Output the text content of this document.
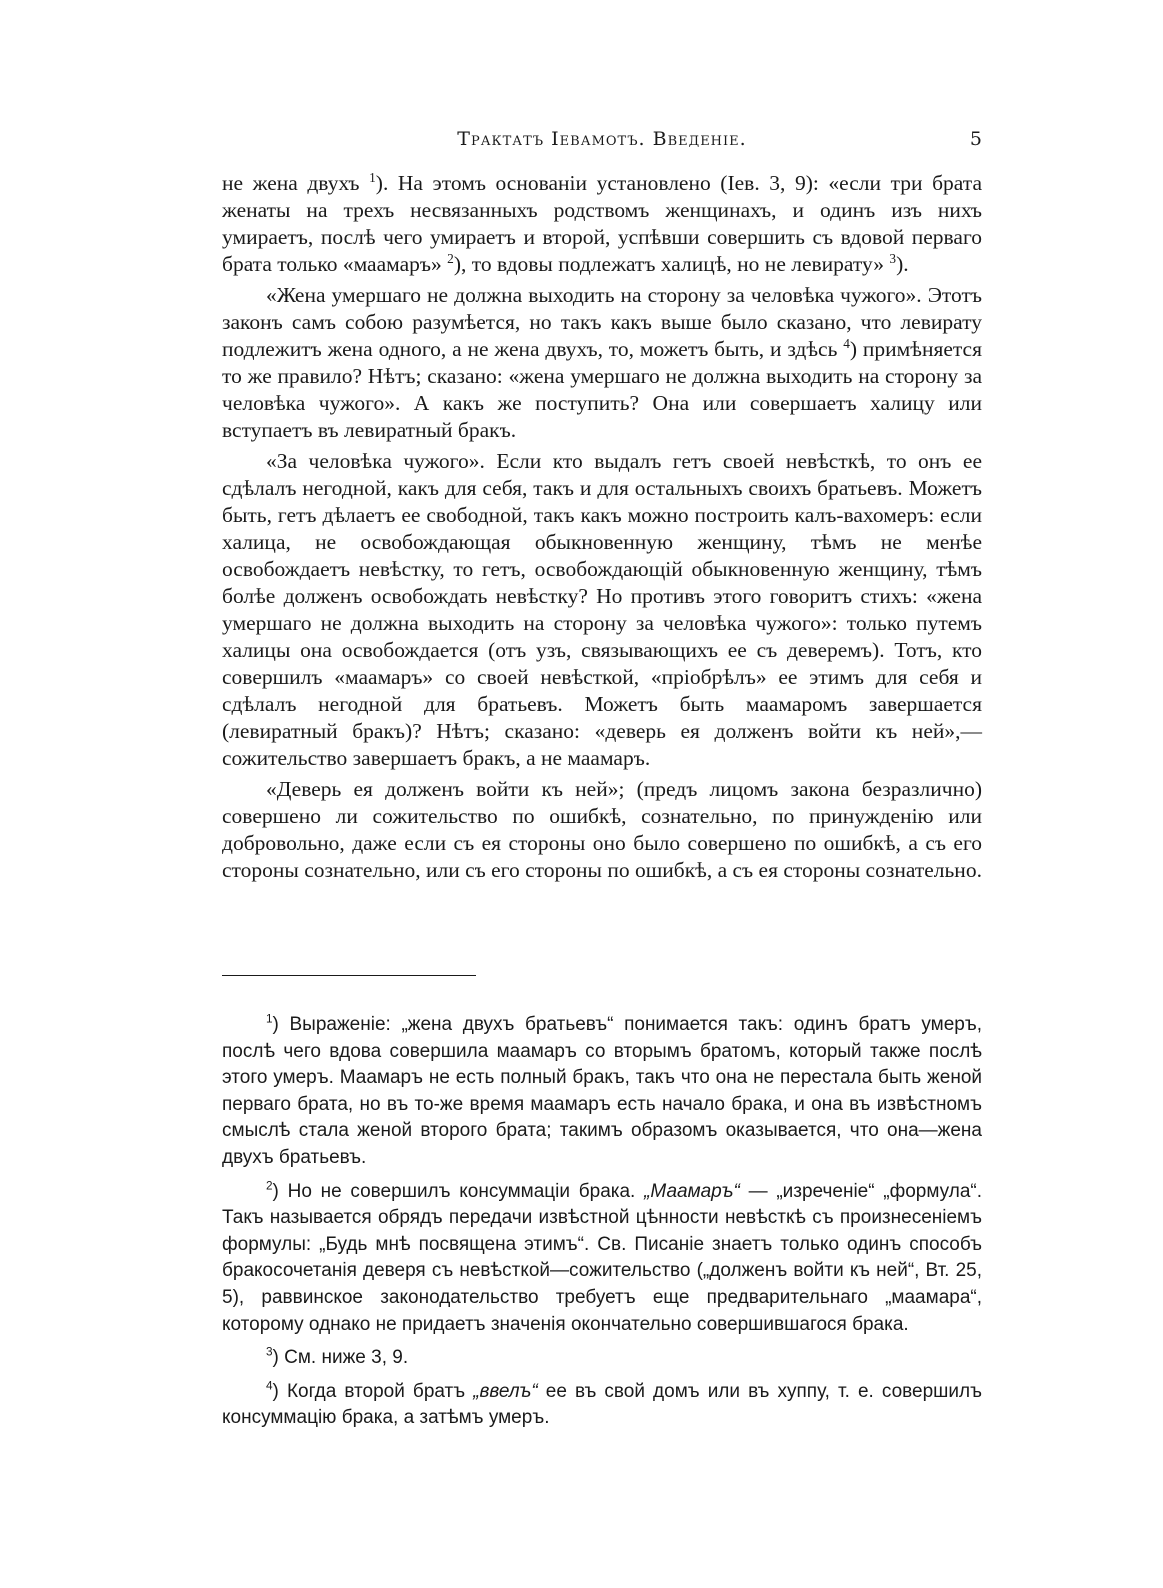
Трактатъ Іевамотъ. Введеніе.	5

не жена двухъ $^1$). На этомъ основаніи установлено (Іев. 3, 9): «если три брата женаты на трехъ несвязанныхъ родствомъ женщинахъ, и одинъ изъ нихъ умираетъ, послѣ чего умираетъ и второй, успѣвши совершить съ вдовой перваго брата только «маамаръ» $^2$), то вдовы подлежатъ халицѣ, но не левирату» $^3$).

«Жена умершаго не должна выходить на сторону за человѣка чужого». Этотъ законъ самъ собою разумѣется, но такъ какъ выше было сказано, что левирату подлежитъ жена одного, а не жена двухъ, то, можетъ быть, и здѣсь $^4$) примѣняется то же правило? Нѣтъ; сказано: «жена умершаго не должна выходить на сторону за человѣка чужого». А какъ же поступить? Она или совершаетъ халицу или вступаетъ въ левиратный бракъ.

«За человѣка чужого». Если кто выдалъ гетъ своей невѣсткѣ, то онъ ее сдѣлалъ негодной, какъ для себя, такъ и для остальныхъ своихъ братьевъ. Можетъ быть, гетъ дѣлаетъ ее свободной, такъ какъ можно построить калъ-вахомеръ: если халица, не освобождающая обыкновенную женщину, тѣмъ не менѣе освобождаетъ невѣстку, то гетъ, освобождающій обыкновенную женщину, тѣмъ болѣе долженъ освобождать невѣстку? Но противъ этого говоритъ стихъ: «жена умершаго не должна выходить на сторону за человѣка чужого»: только путемъ халицы она освобождается (отъ узъ, связывающихъ ее съ деверемъ). Тотъ, кто совершилъ «маамаръ» со своей невѣсткой, «пріобрѣлъ» ее этимъ для себя и сдѣлалъ негодной для братьевъ. Можетъ быть маамаромъ завершается (левиратный бракъ)? Нѣтъ; сказано: «деверь ея долженъ войти къ ней»,—сожительство завершаетъ бракъ, а не маамаръ.

«Деверь ея долженъ войти къ ней»; (предъ лицомъ закона безразлично) совершено ли сожительство по ошибкѣ, сознательно, по принужденію или добровольно, даже если съ ея стороны оно было совершено по ошибкѣ, а съ его стороны сознательно, или съ его стороны по ошибкѣ, а съ ея стороны сознательно.

$^1$) Выраженіе: „жена двухъ братьевъ“ понимается такъ: одинъ братъ умеръ, послѣ чего вдова совершила маамаръ со вторымъ братомъ, который также послѣ этого умеръ. Маамаръ не есть полный бракъ, такъ что она не перестала быть женой перваго брата, но въ то-же время маамаръ есть начало брака, и она въ извѣстномъ смыслѣ стала женой второго брата; такимъ образомъ оказывается, что она—жена двухъ братьевъ.

$^2$) Но не совершилъ консуммаціи брака. „Маамаръ“ — „изреченіе“ „формула“. Такъ называется обрядъ передачи извѣстной цѣнности невѣсткѣ съ произнесеніемъ формулы: „Будь мнѣ посвящена этимъ“. Св. Писаніе знаетъ только одинъ способъ бракосочетанія деверя съ невѣсткой—сожительство („долженъ войти къ ней“, Вт. 25, 5), раввинское законодательство требуетъ еще предварительнаго „маамара“, которому однако не придаетъ значенія окончательно совершившагося брака.

$^3$) См. ниже 3, 9.

$^4$) Когда второй братъ „ввелъ“ ее въ свой домъ или въ хуппу, т. е. совершилъ консуммацію брака, а затѣмъ умеръ.
